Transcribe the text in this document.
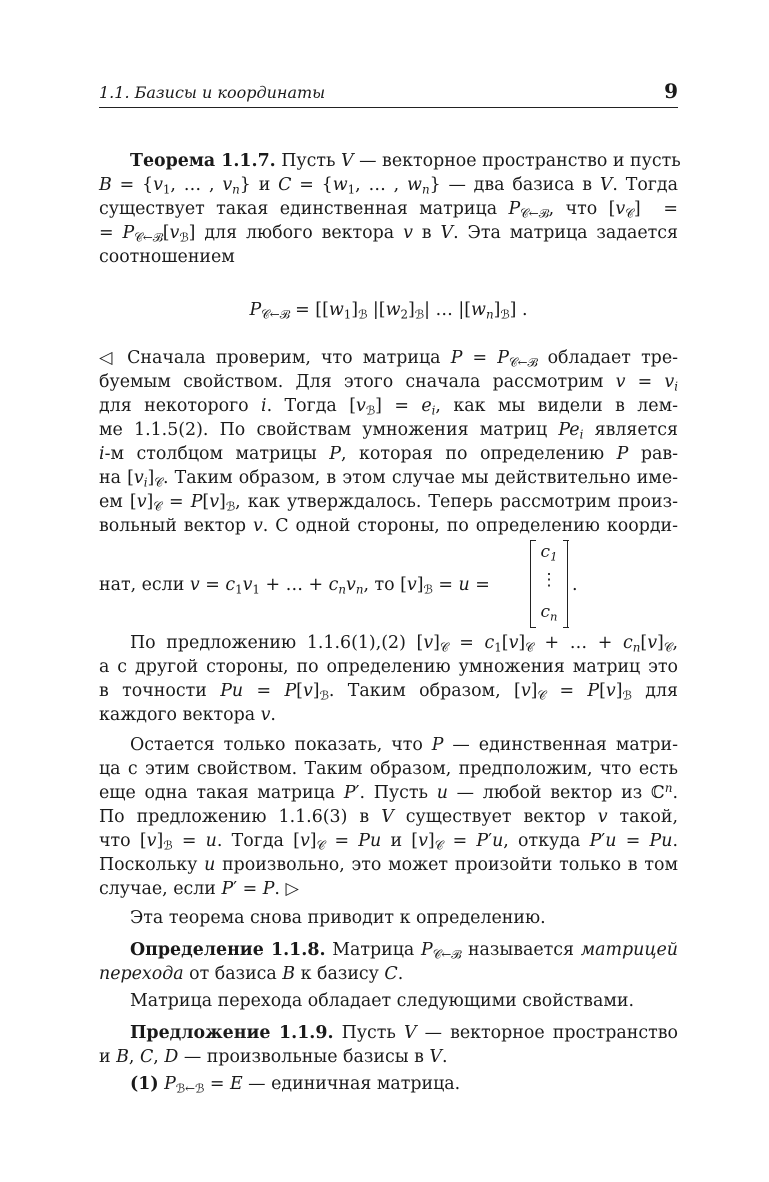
1.1. Базисы и координаты	9
Теорема 1.1.7. Пусть V — векторное пространство и пусть
$B = \{v_1$, … , $v_n$} и $C = \{w_1$, … , $w_n$} — два базиса в V. Тогда
существует такая единственная матрица $P_{𝒞\leftarrow ℬ}$, что $[v_𝒞]$  =
= $P_{𝒞\leftarrow ℬ}[v_ℬ]$ для любого вектора v в V. Эта матрица задается
соотношением
$P_{𝒞\leftarrow ℬ} = [[w_1]_ℬ$ $|[w_2]_ℬ|$ … $|[w_n]_ℬ$] .
◁ Сначала проверим, что матрица $P = P_{𝒞\leftarrow ℬ}$ обладает тре-
буемым свойством. Для этого сначала рассмотрим $v = v_i$
для некоторого i. Тогда $[v_ℬ] = e_i$, как мы видели в лем-
ме 1.1.5(2). По свойствам умножения матриц $Pe_i$ является
i-м столбцом матрицы P, которая по определению P рав-
на $[v_i]_𝒞$. Таким образом, в этом случае мы действительно име-
ем $[v]_𝒞 = P[v]_ℬ$, как утверждалось. Теперь рассмотрим произ-
вольный вектор v. С одной стороны, по определению коорди-
нат, если $v = c_1v_1$ + … + $c_nv_n$, то $[v]_ℬ = u$ =
$c_1$
⋮
$c_n$
.
По предложению 1.1.6(1),(2) $[v]_𝒞 = c_1[v]_𝒞$ + … + $c_n[v]_𝒞$,
а с другой стороны, по определению умножения матриц это
в точности $Pu = P[v]_ℬ$. Таким образом, $[v]_𝒞 = P[v]_ℬ$ для
каждого вектора v.
Остается только показать, что P — единственная матри-
ца с этим свойством. Таким образом, предположим, что есть
еще одна такая матрица P′. Пусть u — любой вектор из ℂ$^n$.
По предложению 1.1.6(3) в V существует вектор v такой,
что $[v]_ℬ = u$. Тогда $[v]_𝒞 = Pu$ и $[v]_𝒞 = P'u$, откуда P′u = Pu.
Поскольку u произвольно, это может произойти только в том
случае, если P′ = P. ▷
Эта теорема снова приводит к определению.
Определение 1.1.8. Матрица $P_{𝒞\leftarrow ℬ}$ называется матрицей
перехода от базиса B к базису C.
Матрица перехода обладает следующими свойствами.
Предложение 1.1.9. Пусть V — векторное пространство
и B, C, D — произвольные базисы в V.
(1) $P_{ℬ\leftarrow ℬ} = E$ — единичная матрица.
